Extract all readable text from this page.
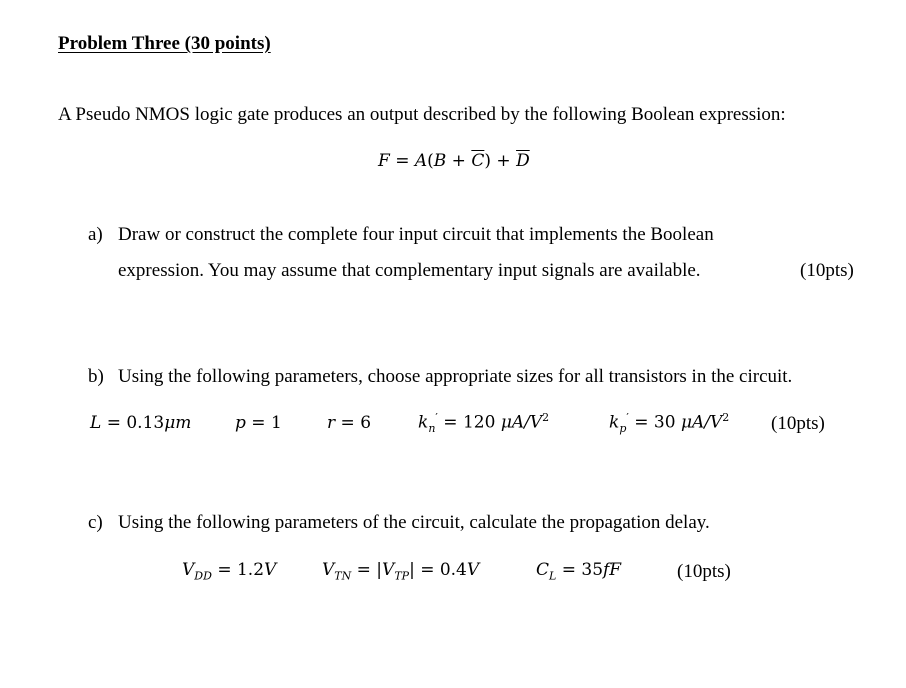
Problem Three (30 points)
A Pseudo NMOS logic gate produces an output described by the following Boolean expression:
$F = A(B + \overline{C}) + \overline{D}$
a) Draw or construct the complete four input circuit that implements the Boolean
expression. You may assume that complementary input signals are available.	(10pts)
b) Using the following parameters, choose appropriate sizes for all transistors in the circuit.
L = 0.13μm	p = 1	r = 6	$k_n' = 120$ $\mu A/V^2$	$k_p' = 30$ $\mu A/V^2$ (10pts)
c) Using the following parameters of the circuit, calculate the propagation delay.
$V_{DD} = 1.2V$	$V_{TN} = |V_{TP}| = 0.4V$	$C_L = 35fF$	(10pts)
